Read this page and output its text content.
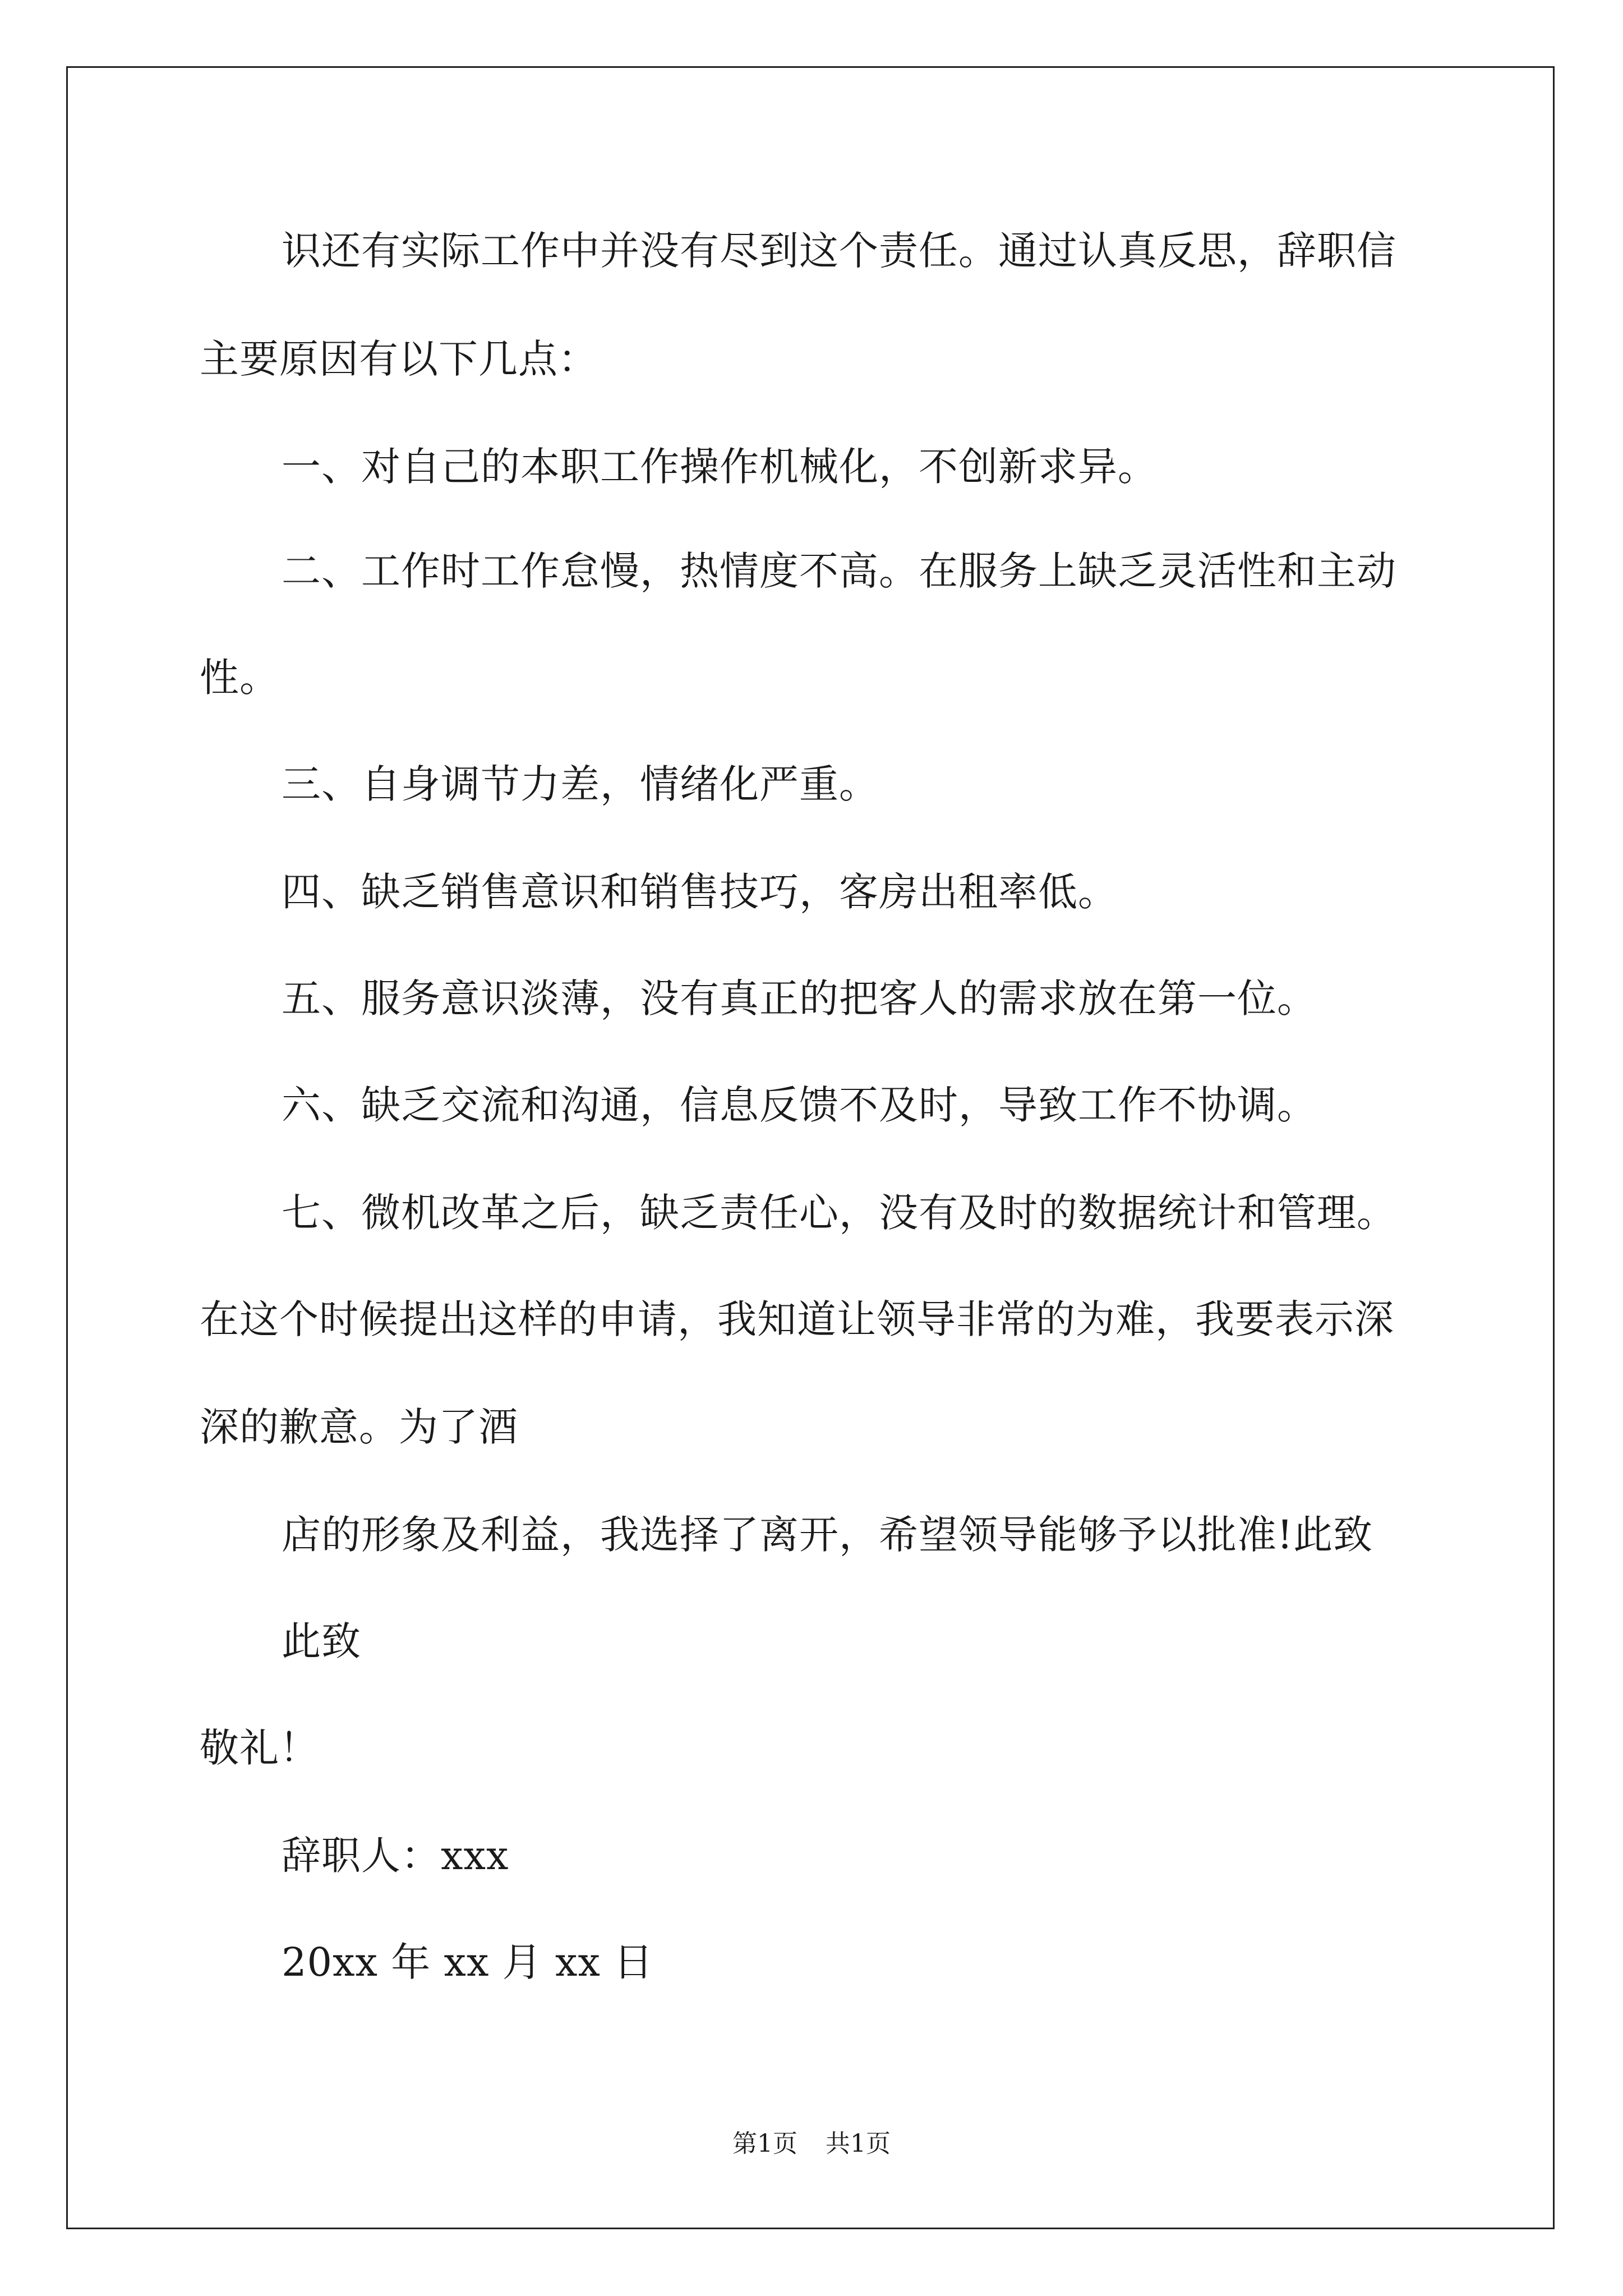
识还有实际工作中并没有尽到这个责任。通过认真反思，辞职信
主要原因有以下几点：
一、对自己的本职工作操作机械化，不创新求异。
二、工作时工作怠慢，热情度不高。在服务上缺乏灵活性和主动
性。
三、自身调节力差，情绪化严重。
四、缺乏销售意识和销售技巧，客房出租率低。
五、服务意识淡薄，没有真正的把客人的需求放在第一位。
六、缺乏交流和沟通，信息反馈不及时，导致工作不协调。
七、微机改革之后，缺乏责任心，没有及时的数据统计和管理。
在这个时候提出这样的申请，我知道让领导非常的为难，我要表示深
深的歉意。为了酒
店的形象及利益，我选择了离开，希望领导能够予以批准!此致
此致
敬礼！
辞职人：xxx
20xx 年 xx 月 xx 日
第1页 共1页
